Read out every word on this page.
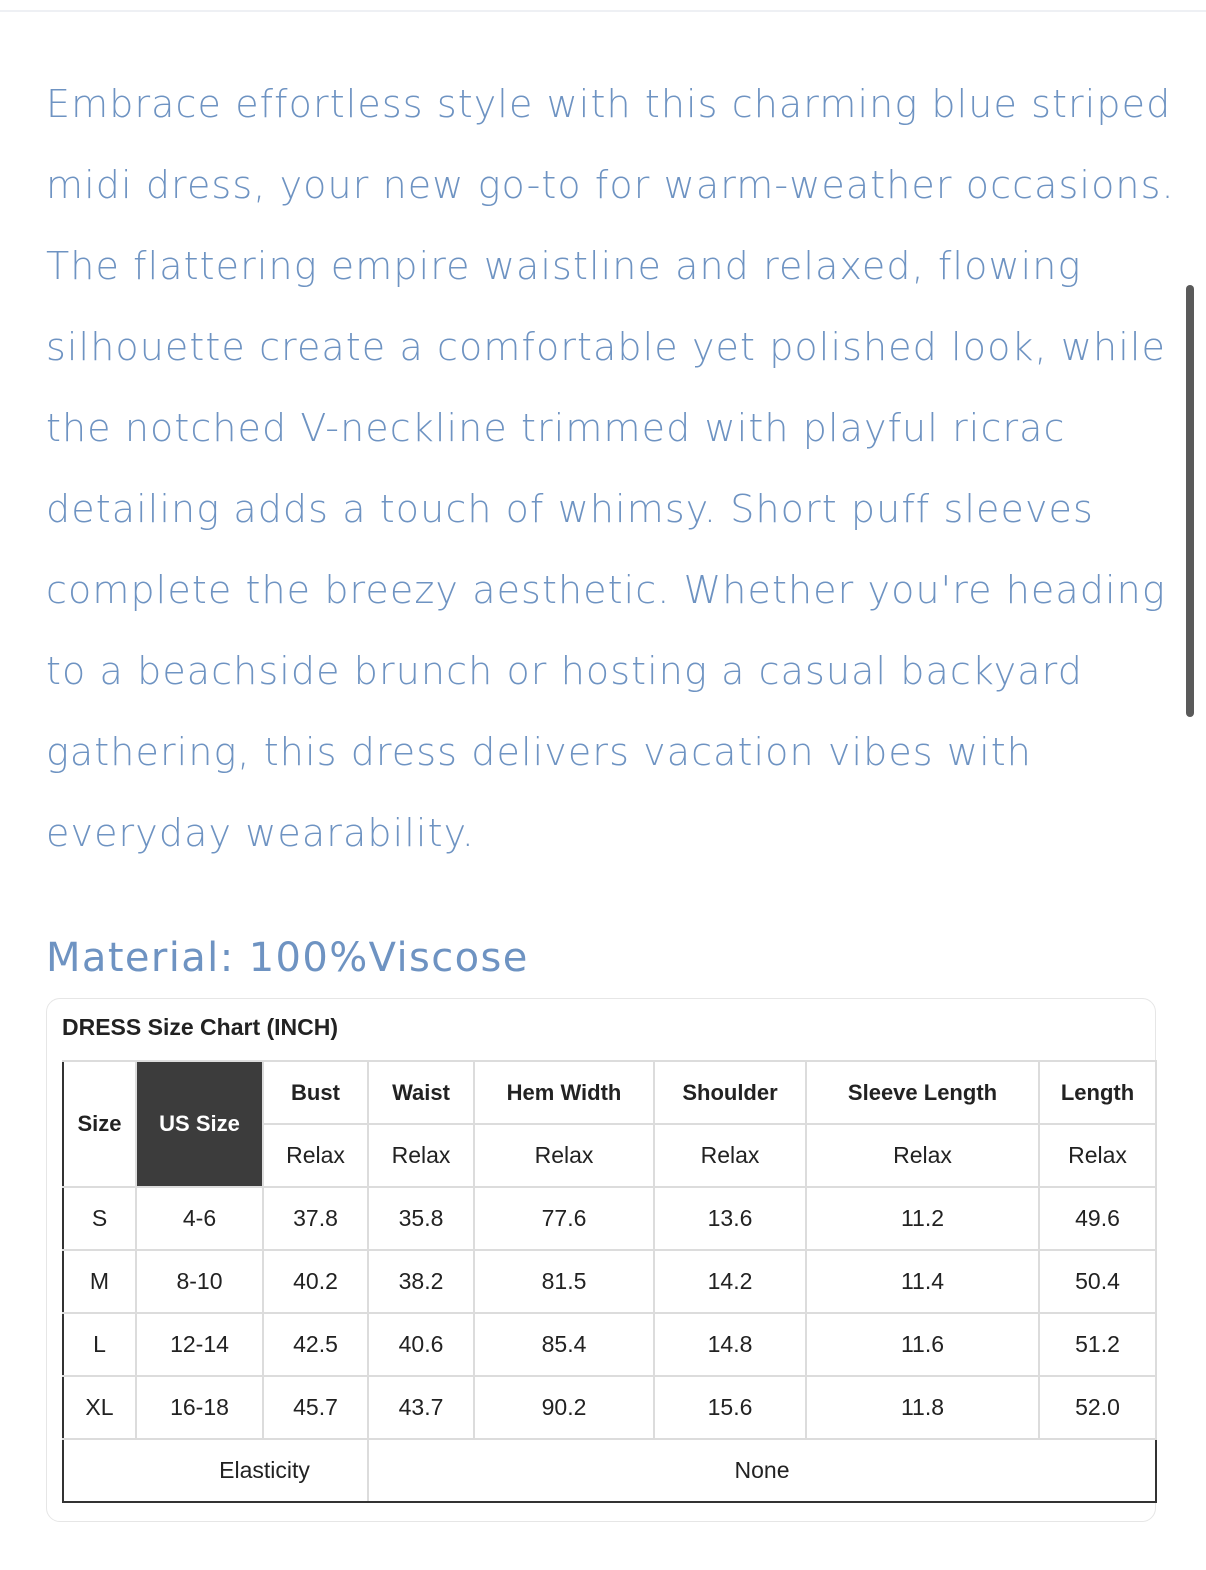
Embrace effortless style with this charming blue striped midi dress, your new go-to for warm-weather occasions. The flattering empire waistline and relaxed, flowing silhouette create a comfortable yet polished look, while the notched V-neckline trimmed with playful ricrac detailing adds a touch of whimsy. Short puff sleeves complete the breezy aesthetic. Whether you're heading to a beachside brunch or hosting a casual backyard gathering, this dress delivers vacation vibes with everyday wearability.

Material: 100%Viscose

DRESS Size Chart (INCH)

Size	US Size	Bust	Waist	Hem Width	Shoulder	Sleeve Length	Length
		Relax	Relax	Relax	Relax	Relax	Relax
S	4-6	37.8	35.8	77.6	13.6	11.2	49.6
M	8-10	40.2	38.2	81.5	14.2	11.4	50.4
L	12-14	42.5	40.6	85.4	14.8	11.6	51.2
XL	16-18	45.7	43.7	90.2	15.6	11.8	52.0
Elasticity			None				
